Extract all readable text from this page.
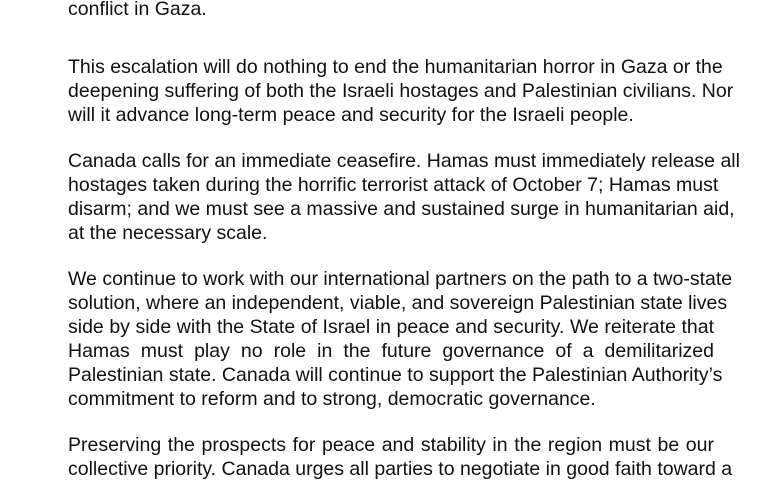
conflict in Gaza.
This escalation will do nothing to end the humanitarian horror in Gaza or the
deepening suffering of both the Israeli hostages and Palestinian civilians. Nor
will it advance long-term peace and security for the Israeli people.
Canada calls for an immediate ceasefire. Hamas must immediately release all
hostages taken during the horrific terrorist attack of October 7; Hamas must
disarm; and we must see a massive and sustained surge in humanitarian aid,
at the necessary scale.
We continue to work with our international partners on the path to a two-state
solution, where an independent, viable, and sovereign Palestinian state lives
side by side with the State of Israel in peace and security. We reiterate that
Hamas must play no role in the future governance of a demilitarized
Palestinian state. Canada will continue to support the Palestinian Authority’s
commitment to reform and to strong, democratic governance.
Preserving the prospects for peace and stability in the region must be our
collective priority. Canada urges all parties to negotiate in good faith toward a
